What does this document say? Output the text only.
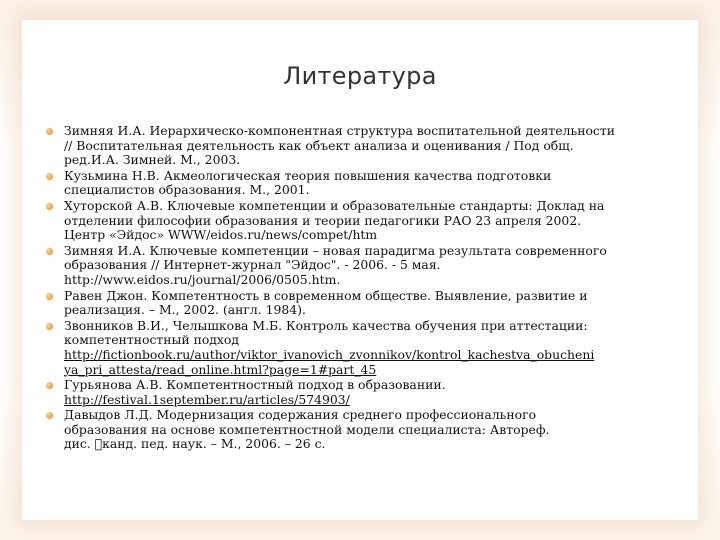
Литература
Зимняя И.А. Иерархическо-компонентная структура воспитательной деятельности
// Воспитательная деятельность как объект анализа и оценивания / Под общ.
ред.И.А. Зимней. М., 2003.
Кузьмина Н.В. Акмеологическая теория повышения качества подготовки
специалистов образования. М., 2001.
Хуторской А.В. Ключевые компетенции и образовательные стандарты: Доклад на
отделении философии образования и теории педагогики РАО 23 апреля 2002.
Центр «Эйдос» WWW/eidos.ru/news/compet/htm
Зимняя И.А. Ключевые компетенции – новая парадигма результата современного
образования // Интернет-журнал "Эйдос". - 2006. - 5 мая.
http://www.eidos.ru/journal/2006/0505.htm.
Равен Джон. Компетентность в современном обществе. Выявление, развитие и
реализация. – М., 2002. (англ. 1984).
Звонников В.И., Челышкова М.Б. Контроль качества обучения при аттестации:
компетентностный подход
http://fictionbook.ru/author/viktor_ivanovich_zvonnikov/kontrol_kachestva_obucheni
ya_pri_attesta/read_online.html?page=1#part_45
Гурьянова А.В. Компетентностный подход в образовании.
http://festival.1september.ru/articles/574903/
Давыдов Л.Д. Модернизация содержания среднего профессионального
образования на основе компетентностной модели специалиста: Автореф.
дис. канд. пед. наук. – М., 2006. – 26 с.
